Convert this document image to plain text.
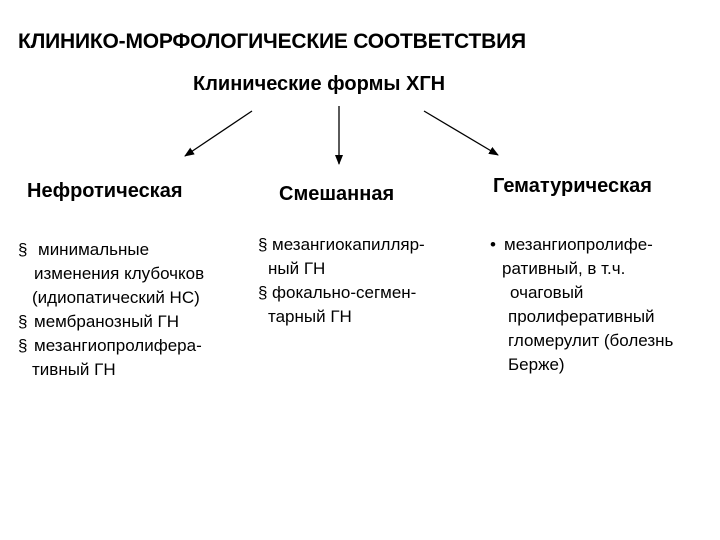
КЛИНИКО-МОРФОЛОГИЧЕСКИЕ СООТВЕТСТВИЯ
Клинические формы ХГН
Нефротическая	Смешанная	Гематурическая
§ минимальные
изменения клубочков
(идиопатический НС)
§ мембранозный ГН
§ мезангиопролифера-
тивный ГН
§ мезангиокапилляр-
ный ГН
§ фокально-сегмен-
тарный ГН
• мезангиопролифе-
ративный, в т.ч.
очаговый
пролиферативный
гломерулит (болезнь
Берже)
